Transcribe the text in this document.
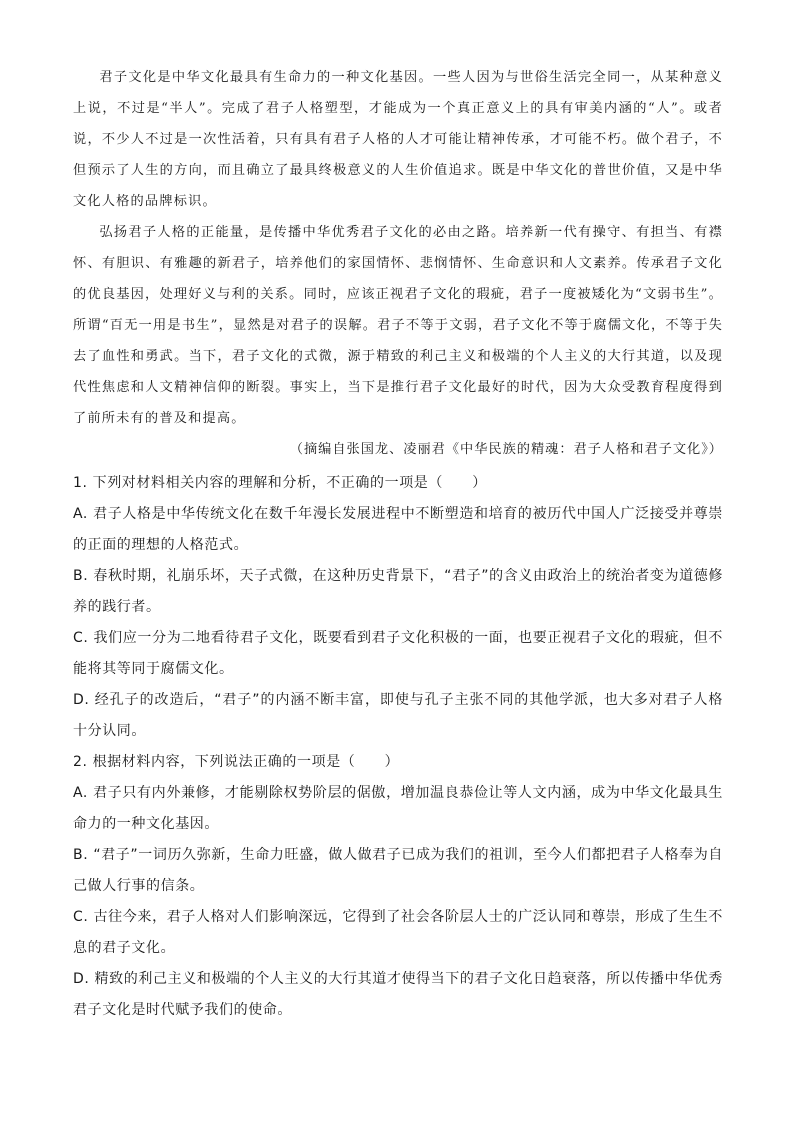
君子文化是中华文化最具有生命力的一种文化基因。一些人因为与世俗生活完全同一，从某种意义上说，不过是“半人”。完成了君子人格塑型，才能成为一个真正意义上的具有审美内涵的“人”。或者说，不少人不过是一次性活着，只有具有君子人格的人才可能让精神传承，才可能不朽。做个君子，不但预示了人生的方向，而且确立了最具终极意义的人生价值追求。既是中华文化的普世价值，又是中华文化人格的品牌标识。

弘扬君子人格的正能量，是传播中华优秀君子文化的必由之路。培养新一代有操守、有担当、有襟怀、有胆识、有雅趣的新君子，培养他们的家国情怀、悲悯情怀、生命意识和人文素养。传承君子文化的优良基因，处理好义与利的关系。同时，应该正视君子文化的瑕疵，君子一度被矮化为“文弱书生”。所谓“百无一用是书生”，显然是对君子的误解。君子不等于文弱，君子文化不等于腐儒文化，不等于失去了血性和勇武。当下，君子文化的式微，源于精致的利己主义和极端的个人主义的大行其道，以及现代性焦虑和人文精神信仰的断裂。事实上，当下是推行君子文化最好的时代，因为大众受教育程度得到了前所未有的普及和提高。

（摘编自张国龙、凌丽君《中华民族的精魂：君子人格和君子文化》）

1. 下列对材料相关内容的理解和分析，不正确的一项是（　　）

A. 君子人格是中华传统文化在数千年漫长发展进程中不断塑造和培育的被历代中国人广泛接受并尊崇的正面的理想的人格范式。

B. 春秋时期，礼崩乐坏，天子式微，在这种历史背景下，“君子”的含义由政治上的统治者变为道德修养的践行者。

C. 我们应一分为二地看待君子文化，既要看到君子文化积极的一面，也要正视君子文化的瑕疵，但不能将其等同于腐儒文化。

D. 经孔子的改造后，“君子”的内涵不断丰富，即使与孔子主张不同的其他学派，也大多对君子人格十分认同。

2. 根据材料内容，下列说法正确的一项是（　　）

A. 君子只有内外兼修，才能剔除权势阶层的倨傲，增加温良恭俭让等人文内涵，成为中华文化最具生命力的一种文化基因。

B. “君子”一词历久弥新，生命力旺盛，做人做君子已成为我们的祖训，至今人们都把君子人格奉为自己做人行事的信条。

C. 古往今来，君子人格对人们影响深远，它得到了社会各阶层人士的广泛认同和尊崇，形成了生生不息的君子文化。

D. 精致的利己主义和极端的个人主义的大行其道才使得当下的君子文化日趋衰落，所以传播中华优秀君子文化是时代赋予我们的使命。
